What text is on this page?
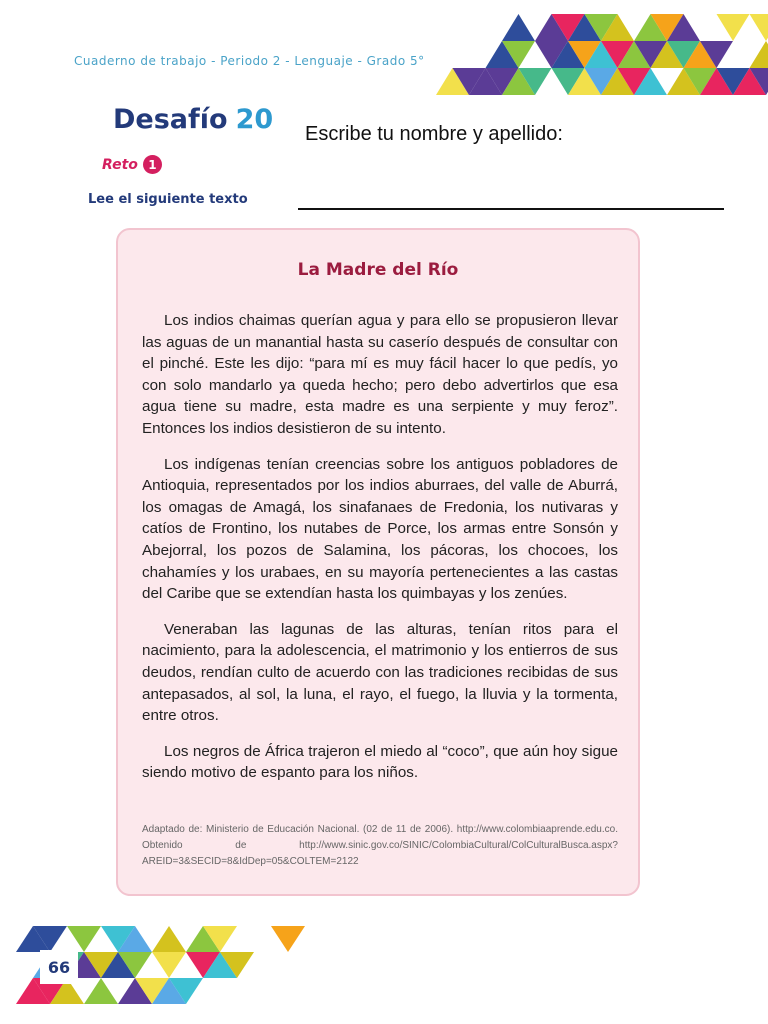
Cuaderno de trabajo - Periodo 2 - Lenguaje - Grado 5°
Desafío 20 Escribe tu nombre y apellido:
Reto 1
Lee el siguiente texto
La Madre del Río

Los indios chaimas querían agua y para ello se propusieron llevar las aguas de un manantial hasta su caserío después de consultar con el pinché. Este les dijo: “para mí es muy fácil hacer lo que pedís, yo con solo mandarlo ya queda hecho; pero debo advertirlos que esa agua tiene su madre, esta madre es una serpiente y muy feroz”. Entonces los indios desistieron de su intento.

Los indígenas tenían creencias sobre los antiguos pobladores de Antioquia, representados por los indios aburraes, del valle de Aburrá, los omagas de Amagá, los sinafanaes de Fredonia, los nutivaras y catíos de Frontino, los nutabes de Porce, los armas entre Sonsón y Abejorral, los pozos de Salamina, los pácoras, los chocoes, los chahamíes y los urabaes, en su mayoría pertenecientes a las castas del Caribe que se extendían hasta los quimbayas y los zenúes.

Veneraban las lagunas de las alturas, tenían ritos para el nacimiento, para la adolescencia, el matrimonio y los entierros de sus deudos, rendían culto de acuerdo con las tradiciones recibidas de sus antepasados, al sol, la luna, el rayo, el fuego, la lluvia y la tormenta, entre otros.

Los negros de África trajeron el miedo al “coco”, que aún hoy sigue siendo motivo de espanto para los niños.

Adaptado de: Ministerio de Educación Nacional. (02 de 11 de 2006). http://www.colombiaaprende.edu.co. Obtenido de http://www.sinic.gov.co/SINIC/ColombiaCultural/ColCulturalBusca.aspx?AREID=3&SECID=8&IdDep=05&COLTEM=2122
66
